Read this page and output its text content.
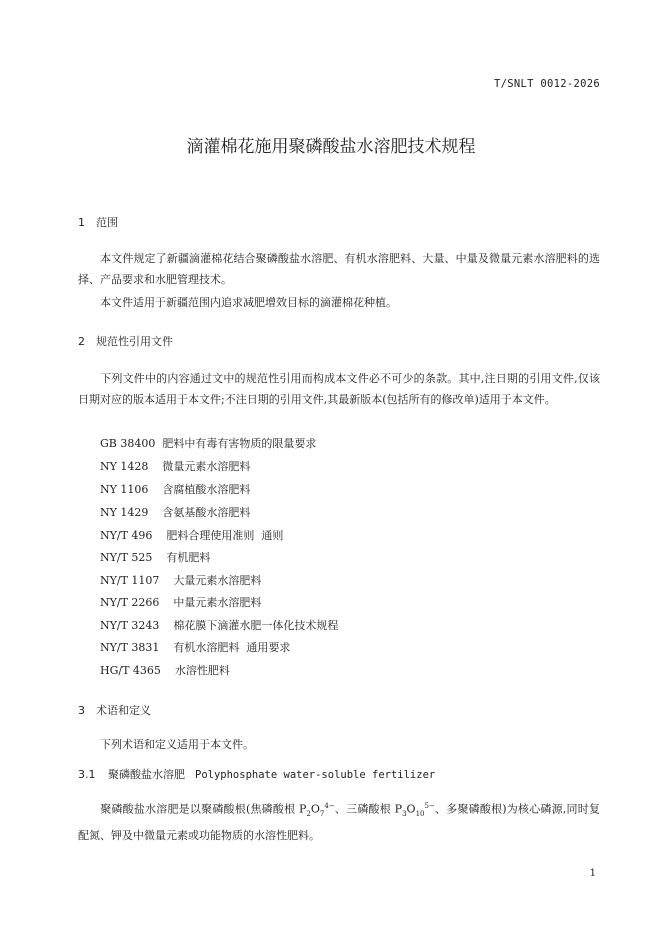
T/SNLT 0012-2026
滴灌棉花施用聚磷酸盐水溶肥技术规程
1 范围
本文件规定了新疆滴灌棉花结合聚磷酸盐水溶肥、有机水溶肥料、大量、中量及微量元素水溶肥料的选择、产品要求和水肥管理技术。
本文件适用于新疆范围内追求减肥增效目标的滴灌棉花种植。
2 规范性引用文件
下列文件中的内容通过文中的规范性引用而构成本文件必不可少的条款。其中,注日期的引用文件,仅该日期对应的版本适用于本文件;不注日期的引用文件,其最新版本(包括所有的修改单)适用于本文件。
GB 38400  肥料中有毒有害物质的限量要求
NY 1428    微量元素水溶肥料
NY 1106    含腐植酸水溶肥料
NY 1429    含氨基酸水溶肥料
NY/T 496    肥料合理使用准则  通则
NY/T 525    有机肥料
NY/T 1107    大量元素水溶肥料
NY/T 2266    中量元素水溶肥料
NY/T 3243    棉花膜下滴灌水肥一体化技术规程
NY/T 3831    有机水溶肥料  通用要求
HG/T 4365    水溶性肥料
3 术语和定义
下列术语和定义适用于本文件。
3.1 聚磷酸盐水溶肥 Polyphosphate water-soluble fertilizer
聚磷酸盐水溶肥是以聚磷酸根(焦磷酸根 $P_2O_7^{4-}$、三磷酸根 $P_3O_{10}^{5-}$、多聚磷酸根)为核心磷源,同时复配氮、钾及中微量元素或功能物质的水溶性肥料。
1
